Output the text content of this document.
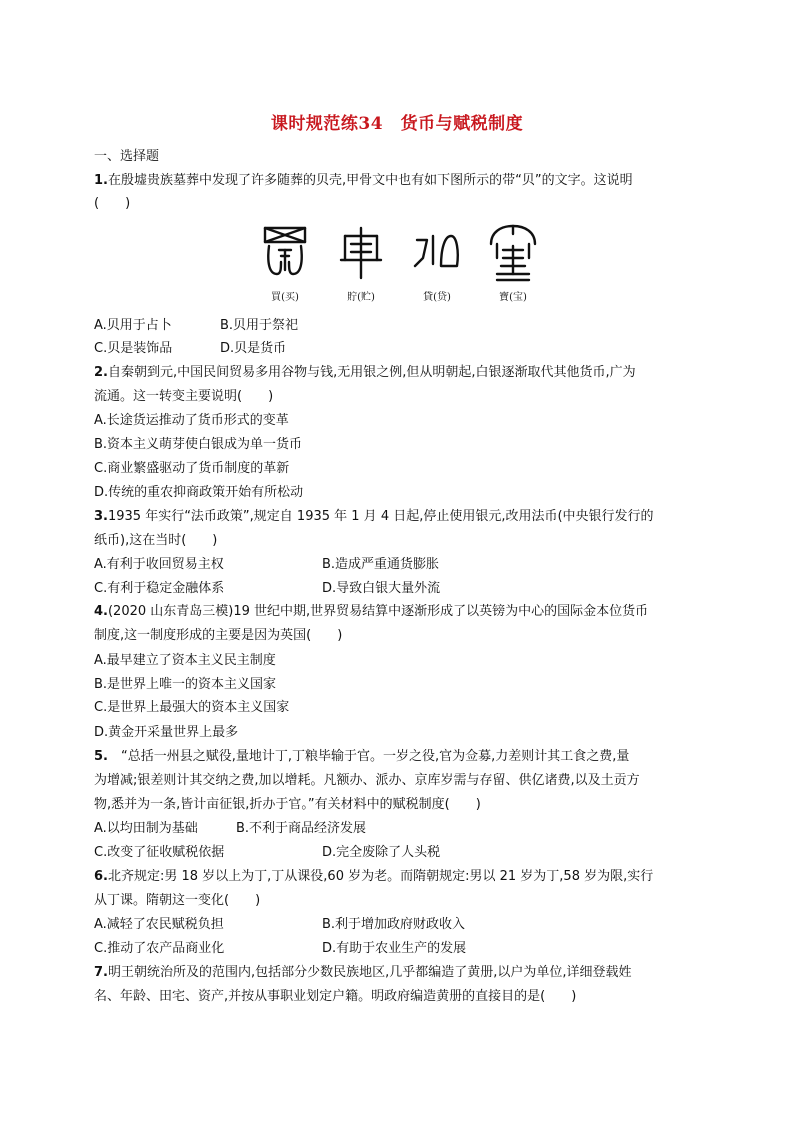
课时规范练34　货币与赋税制度
一、选择题
1.在殷墟贵族墓葬中发现了许多随葬的贝壳,甲骨文中也有如下图所示的带“贝”的文字。这说明
(　　)
買(买)	貯(贮)	貸(贷)	寶(宝)
A.贝用于占卜	B.贝用于祭祀
C.贝是装饰品	D.贝是货币
2.自秦朝到元,中国民间贸易多用谷物与钱,无用银之例,但从明朝起,白银逐渐取代其他货币,广为
流通。这一转变主要说明(　　)
A.长途货运推动了货币形式的变革
B.资本主义萌芽使白银成为单一货币
C.商业繁盛驱动了货币制度的革新
D.传统的重农抑商政策开始有所松动
3.1935 年实行“法币政策”,规定自 1935 年 1 月 4 日起,停止使用银元,改用法币(中央银行发行的
纸币),这在当时(　　)
A.有利于收回贸易主权	B.造成严重通货膨胀
C.有利于稳定金融体系	D.导致白银大量外流
4.(2020 山东青岛三模)19 世纪中期,世界贸易结算中逐渐形成了以英镑为中心的国际金本位货币
制度,这一制度形成的主要是因为英国(　　)
A.最早建立了资本主义民主制度
B.是世界上唯一的资本主义国家
C.是世界上最强大的资本主义国家
D.黄金开采量世界上最多
5.　“总括一州县之赋役,量地计丁,丁粮毕输于官。一岁之役,官为佥募,力差则计其工食之费,量
为增减;银差则计其交纳之费,加以增耗。凡额办、派办、京库岁需与存留、供亿诸费,以及土贡方
物,悉并为一条,皆计亩征银,折办于官。”有关材料中的赋税制度(　　)
A.以均田制为基础	B.不利于商品经济发展
C.改变了征收赋税依据	D.完全废除了人头税
6.北齐规定:男 18 岁以上为丁,丁从课役,60 岁为老。而隋朝规定:男以 21 岁为丁,58 岁为限,实行
从丁课。隋朝这一变化(　　)
A.减轻了农民赋税负担	B.利于增加政府财政收入
C.推动了农产品商业化	D.有助于农业生产的发展
7.明王朝统治所及的范围内,包括部分少数民族地区,几乎都编造了黄册,以户为单位,详细登载姓
名、年龄、田宅、资产,并按从事职业划定户籍。明政府编造黄册的直接目的是(　　)
